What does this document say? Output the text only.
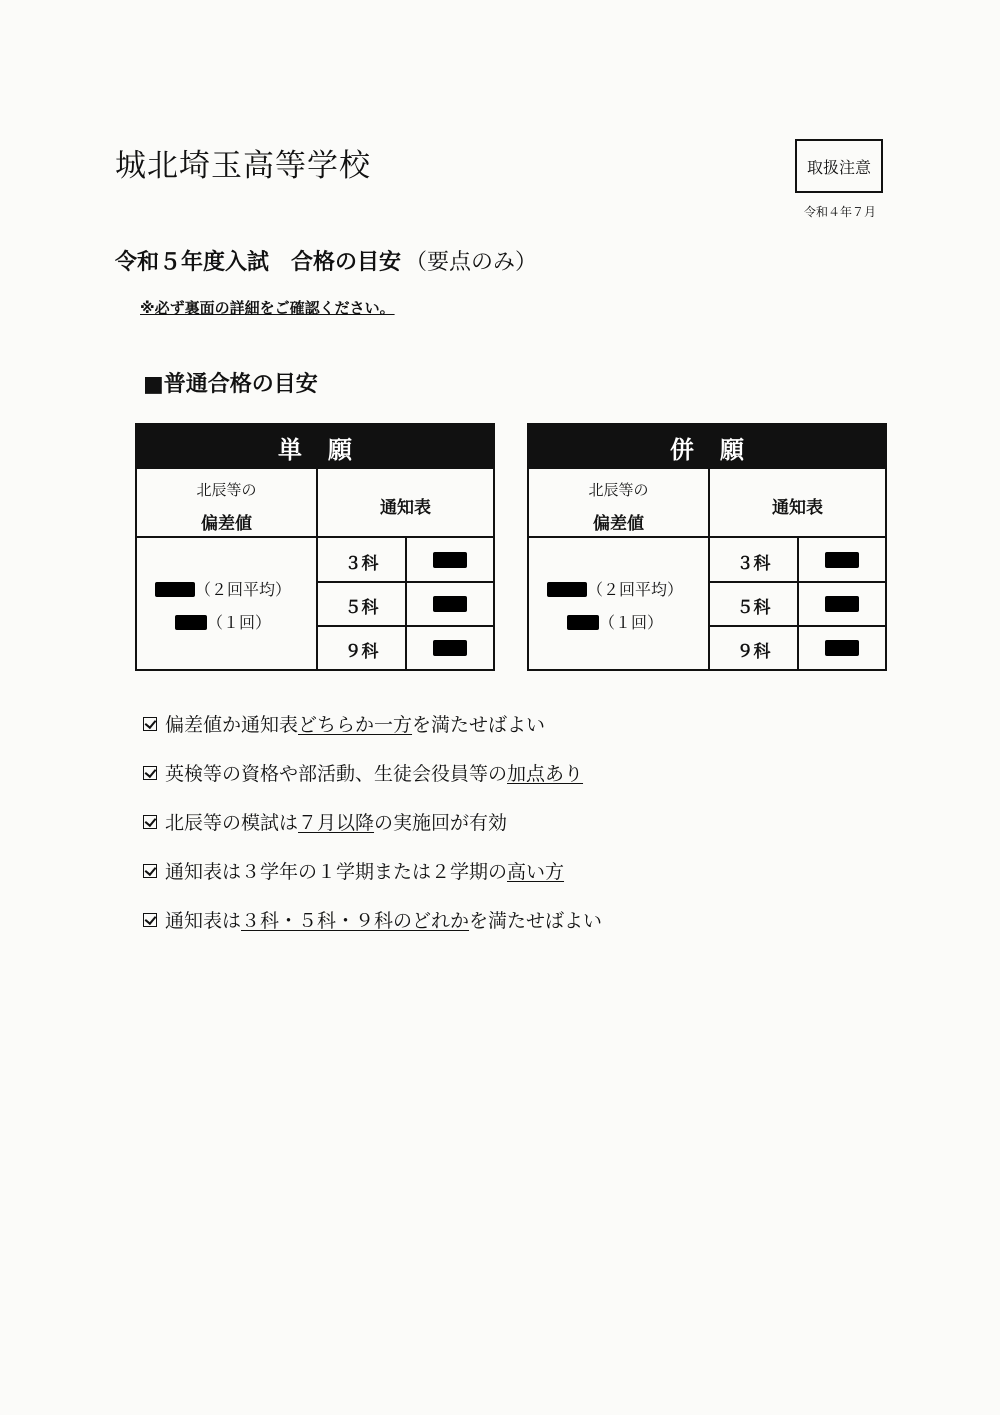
城北埼玉高等学校	取扱注意
令和４年７月
令和５年度入試　合格の目安 （要点のみ）
※必ず裏面の詳細をご確認ください。
■普通合格の目安
単願
北辰等の
偏差値
通知表
（２回平均）
（１回）
３科
５科
９科
併願
北辰等の
偏差値
通知表
（２回平均）
（１回）
３科
５科
９科
偏差値か通知表 どちらか一方 を満たせばよい
英検等の資格や部活動、生徒会役員等の 加点あり
北辰等の模試は ７月以降 の実施回が有効
通知表は３学年の１学期または２学期の 高い方
通知表は ３科・５科・９科のどれか を満たせばよい
